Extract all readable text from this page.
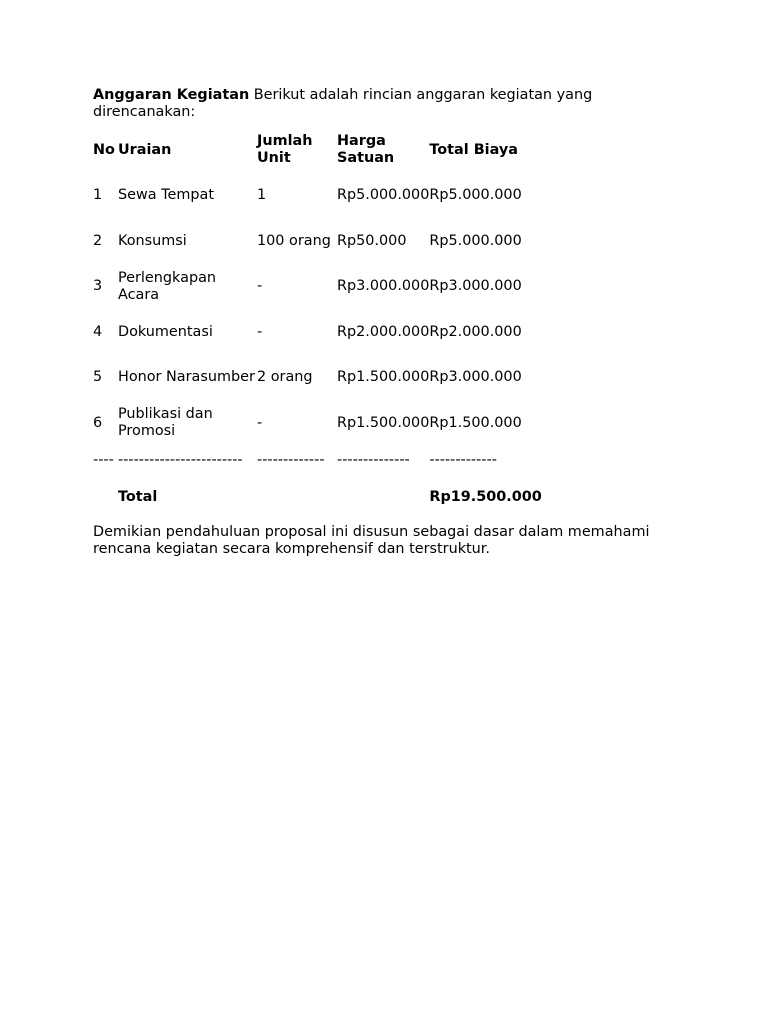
Anggaran Kegiatan Berikut adalah rincian anggaran kegiatan yang direncanakan:

No	Uraian	Jumlah Unit	Harga Satuan	Total Biaya

1	Sewa Tempat	1	Rp5.000.000	Rp5.000.000

2	Konsumsi	100 orang	Rp50.000	Rp5.000.000

3	Perlengkapan Acara	-	Rp3.000.000	Rp3.000.000

4	Dokumentasi	-	Rp2.000.000	Rp2.000.000

5	Honor Narasumber	2 orang	Rp1.500.000	Rp3.000.000

6	Publikasi dan Promosi	-	Rp1.500.000	Rp1.500.000

----	------------------------	-------------	--------------	-------------

	Total			Rp19.500.000

Demikian pendahuluan proposal ini disusun sebagai dasar dalam memahami rencana kegiatan secara komprehensif dan terstruktur.
